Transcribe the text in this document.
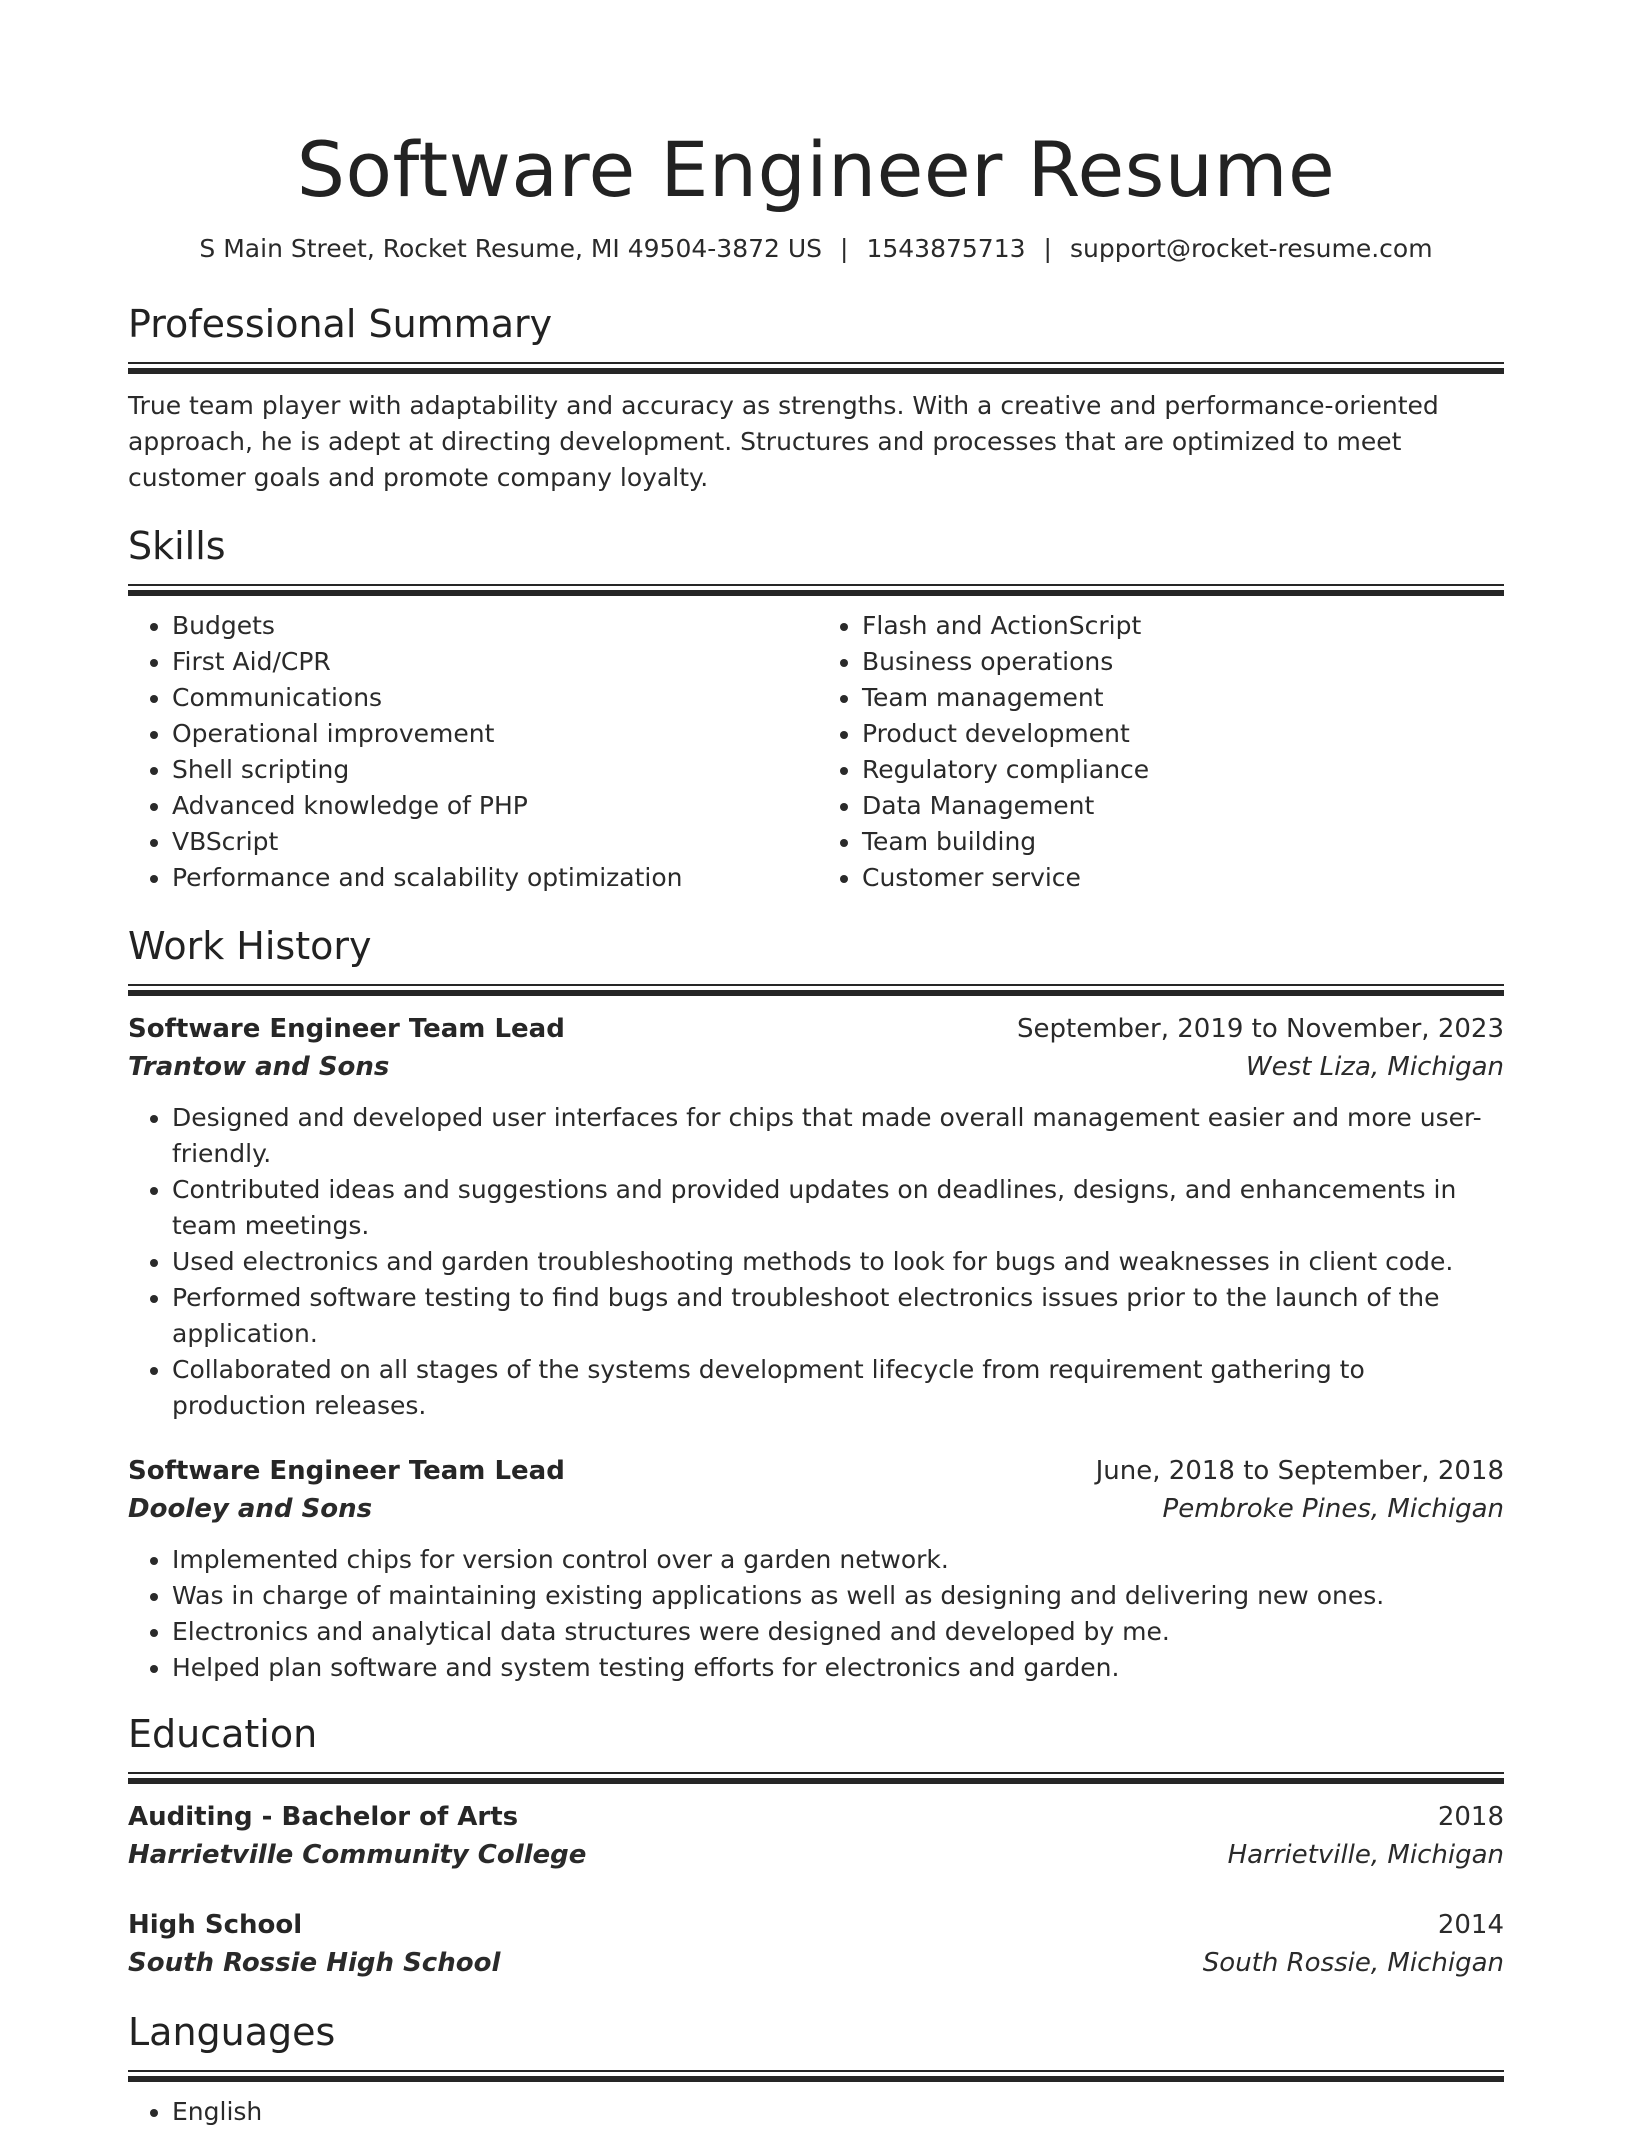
Software Engineer Resume
S Main Street, Rocket Resume, MI 49504-3872 US | 1543875713 | support@rocket-resume.com
Professional Summary

True team player with adaptability and accuracy as strengths. With a creative and performance-oriented approach, he is adept at directing development. Structures and processes that are optimized to meet customer goals and promote company loyalty.

Skills
• Budgets
• First Aid/CPR
• Communications
• Operational improvement
• Shell scripting
• Advanced knowledge of PHP
• VBScript
• Performance and scalability optimization
• Flash and ActionScript
• Business operations
• Team management
• Product development
• Regulatory compliance
• Data Management
• Team building
• Customer service
Work History
Software Engineer Team Lead	September, 2019 to November, 2023
Trantow and Sons	West Liza, Michigan
• Designed and developed user interfaces for chips that made overall management easier and more user-friendly.
• Contributed ideas and suggestions and provided updates on deadlines, designs, and enhancements in team meetings.
• Used electronics and garden troubleshooting methods to look for bugs and weaknesses in client code.
• Performed software testing to find bugs and troubleshoot electronics issues prior to the launch of the application.
• Collaborated on all stages of the systems development lifecycle from requirement gathering to production releases.
Software Engineer Team Lead	June, 2018 to September, 2018
Dooley and Sons	Pembroke Pines, Michigan
• Implemented chips for version control over a garden network.
• Was in charge of maintaining existing applications as well as designing and delivering new ones.
• Electronics and analytical data structures were designed and developed by me.
• Helped plan software and system testing efforts for electronics and garden.
Education
Auditing - Bachelor of Arts	2018
Harrietville Community College	Harrietville, Michigan
High School	2014
South Rossie High School	South Rossie, Michigan
Languages
• English
